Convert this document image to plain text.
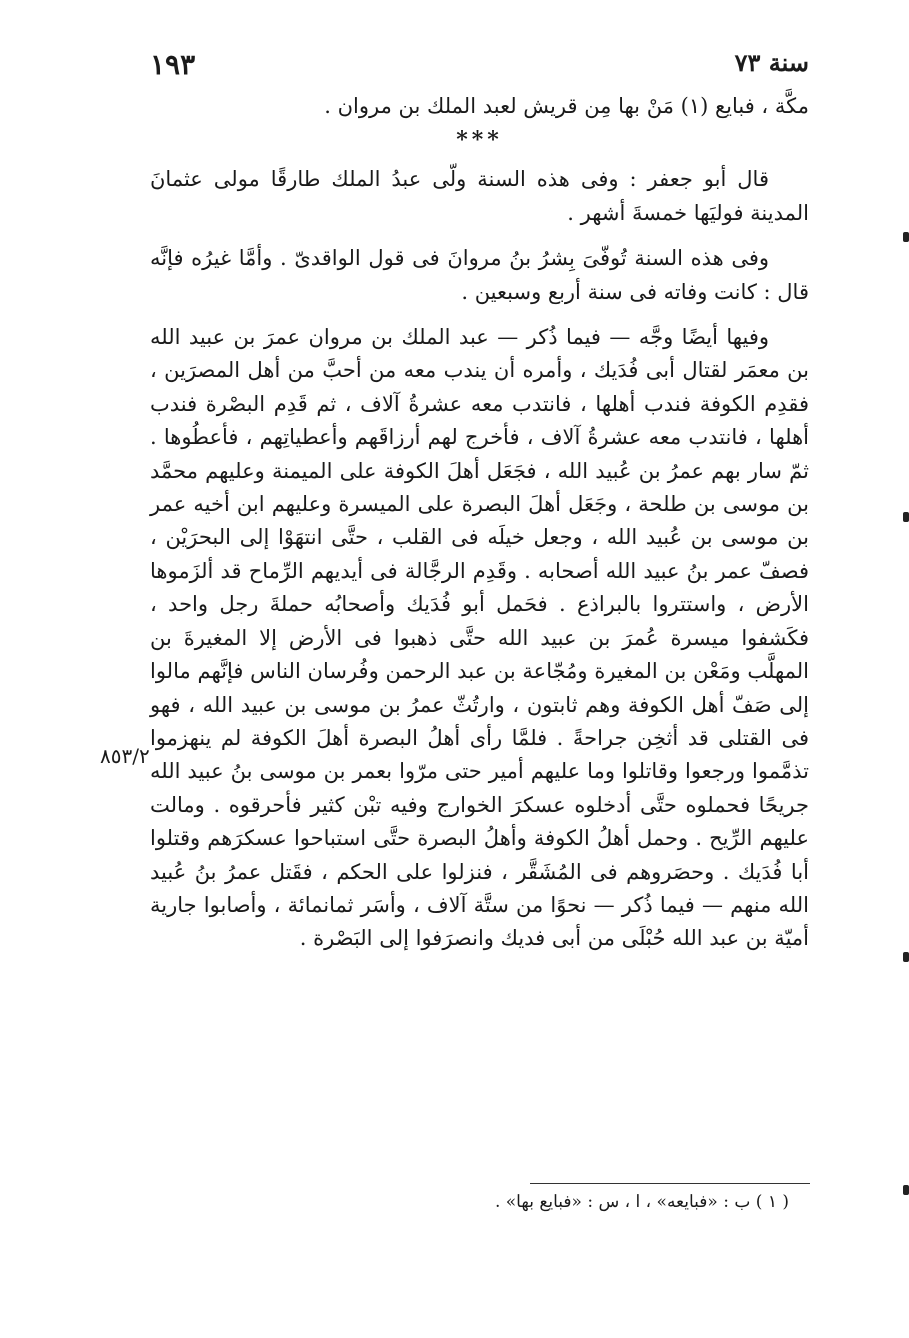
١٩٣	سنة ٧٣

مكَّة ، فبايع (١) مَنْ بها مِن قريش لعبد الملك بن مروان .

***

قال أبو جعفر : وفى هذه السنة ولّى عبدُ الملك طارقًا مولى عثمانَ المدينة فوليَها خمسةَ أشهر .

وفى هذه السنة تُوفّىَ بِشرُ بنُ مروانَ فى قول الواقدىّ . وأمَّا غيرُه فإنَّه قال : كانت وفاته فى سنة أربع وسبعين .

وفيها أيضًا وجَّه — فيما ذُكر — عبد الملك بن مروان عمرَ بن عبيد الله بن معمَر لقتال أبى فُدَيك ، وأمره أن يندب معه من أحبَّ من أهل المصرَين ، فقدِم الكوفة فندب أهلها ، فانتدب معه عشرةُ آلاف ، ثم قَدِم البصْرة فندب أهلها ، فانتدب معه عشرةُ آلاف ، فأخرج لهم أرزاقَهم وأعطياتِهم ، فأعطُوها . ثمّ سار بهم عمرُ بن عُبيد الله ، فجَعَل أهلَ الكوفة على الميمنة وعليهم محمَّد بن موسى بن طلحة ، وجَعَل أهلَ البصرة على الميسرة وعليهم ابن أخيه عمر بن موسى بن عُبيد الله ، وجعل خيلَه فى القلب ، حتَّى انتهَوْا إلى البحرَيْن ، فصفّ عمر بنُ عبيد الله أصحابه . وقَدِم الرجَّالة فى أيديهم الرِّماح قد ألزَموها الأرض ، واستتروا بالبراذع . فحَمل أبو فُدَيك وأصحابُه حملةَ رجل واحد ، فكَشفوا ميسرة عُمرَ بن عبيد الله حتَّى ذهبوا فى الأرض إلا المغيرةَ بن المهلَّب ومَعْن بن المغيرة ومُجّاعة بن عبد الرحمن وفُرسان الناس فإنَّهم مالوا إلى صَفّ أهل الكوفة وهم ثابتون ، وارتُثّ عمرُ بن موسى بن عبيد الله ، فهو فى القتلى قد أثخِن جراحةً . فلمَّا رأى أهلُ البصرة أهلَ الكوفة لم ينهزموا تذمَّموا ورجعوا وقاتلوا وما عليهم أمير حتى مرّوا بعمر بن موسى بنُ عبيد الله جريحًا فحملوه حتَّى أدخلوه عسكرَ الخوارج وفيه تبْن كثير فأحرقوه . ومالت عليهم الرِّيح . وحمل أهلُ الكوفة وأهلُ البصرة حتَّى استباحوا عسكرَهم وقتلوا أبا فُدَيك . وحصَروهم فى المُشَقَّر ، فنزلوا على الحكم ، فقَتل عمرُ بنُ عُبيد الله منهم — فيما ذُكر — نحوًا من ستَّة آلاف ، وأسَر ثمانمائة ، وأصابوا جارية أميّة بن عبد الله حُبْلَى من أبى فديك وانصرَفوا إلى البَصْرة .

٨٥٣/٢
( ١ ) ب : «فبايعه» ، ا ، س : «فبايع بها» .
